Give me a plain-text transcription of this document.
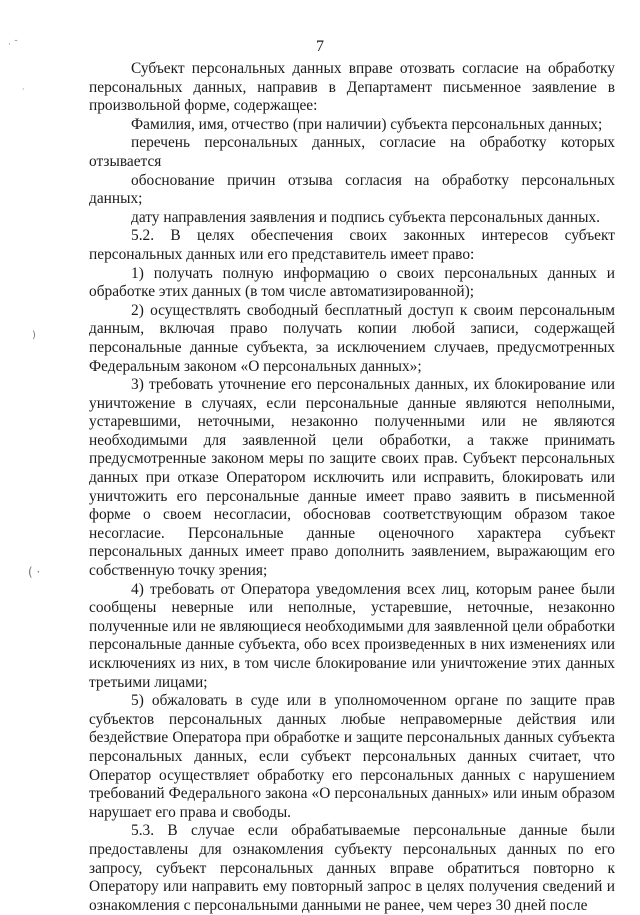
· ˘
·
)
( ·
7

Субъект персональных данных вправе отозвать согласие на обработку персональных данных, направив в Департамент письменное заявление в произвольной форме, содержащее:

Фамилия, имя, отчество (при наличии) субъекта персональных данных;

перечень персональных данных, согласие на обработку которых отзывается

обоснование причин отзыва согласия на обработку персональных данных;

дату направления заявления и подпись субъекта персональных данных.

5.2. В целях обеспечения своих законных интересов субъект персональных данных или его представитель имеет право:

1) получать полную информацию о своих персональных данных и обработке этих данных (в том числе автоматизированной);

2) осуществлять свободный бесплатный доступ к своим персональным данным, включая право получать копии любой записи, содержащей персональные данные субъекта, за исключением случаев, предусмотренных Федеральным законом «О персональных данных»;

3) требовать уточнение его персональных данных, их блокирование или уничтожение в случаях, если персональные данные являются неполными, устаревшими, неточными, незаконно полученными или не являются необходимыми для заявленной цели обработки, а также принимать предусмотренные законом меры по защите своих прав. Субъект персональных данных при отказе Оператором исключить или исправить, блокировать или уничтожить его персональные данные имеет право заявить в письменной форме о своем несогласии, обосновав соответствующим образом такое несогласие. Персональные данные оценочного характера субъект персональных данных имеет право дополнить заявлением, выражающим его собственную точку зрения;

4) требовать от Оператора уведомления всех лиц, которым ранее были сообщены неверные или неполные, устаревшие, неточные, незаконно полученные или не являющиеся необходимыми для заявленной цели обработки персональные данные субъекта, обо всех произведенных в них изменениях или исключениях из них, в том числе блокирование или уничтожение этих данных третьими лицами;

5) обжаловать в суде или в уполномоченном органе по защите прав субъектов персональных данных любые неправомерные действия или бездействие Оператора при обработке и защите персональных данных субъекта персональных данных, если субъект персональных данных считает, что Оператор осуществляет обработку его персональных данных с нарушением требований Федерального закона «О персональных данных» или иным образом нарушает его права и свободы.

5.3. В случае если обрабатываемые персональные данные были предоставлены для ознакомления субъекту персональных данных по его запросу, субъект персональных данных вправе обратиться повторно к Оператору или направить ему повторный запрос в целях получения сведений и ознакомления с персональными данными не ранее, чем через 30 дней после
